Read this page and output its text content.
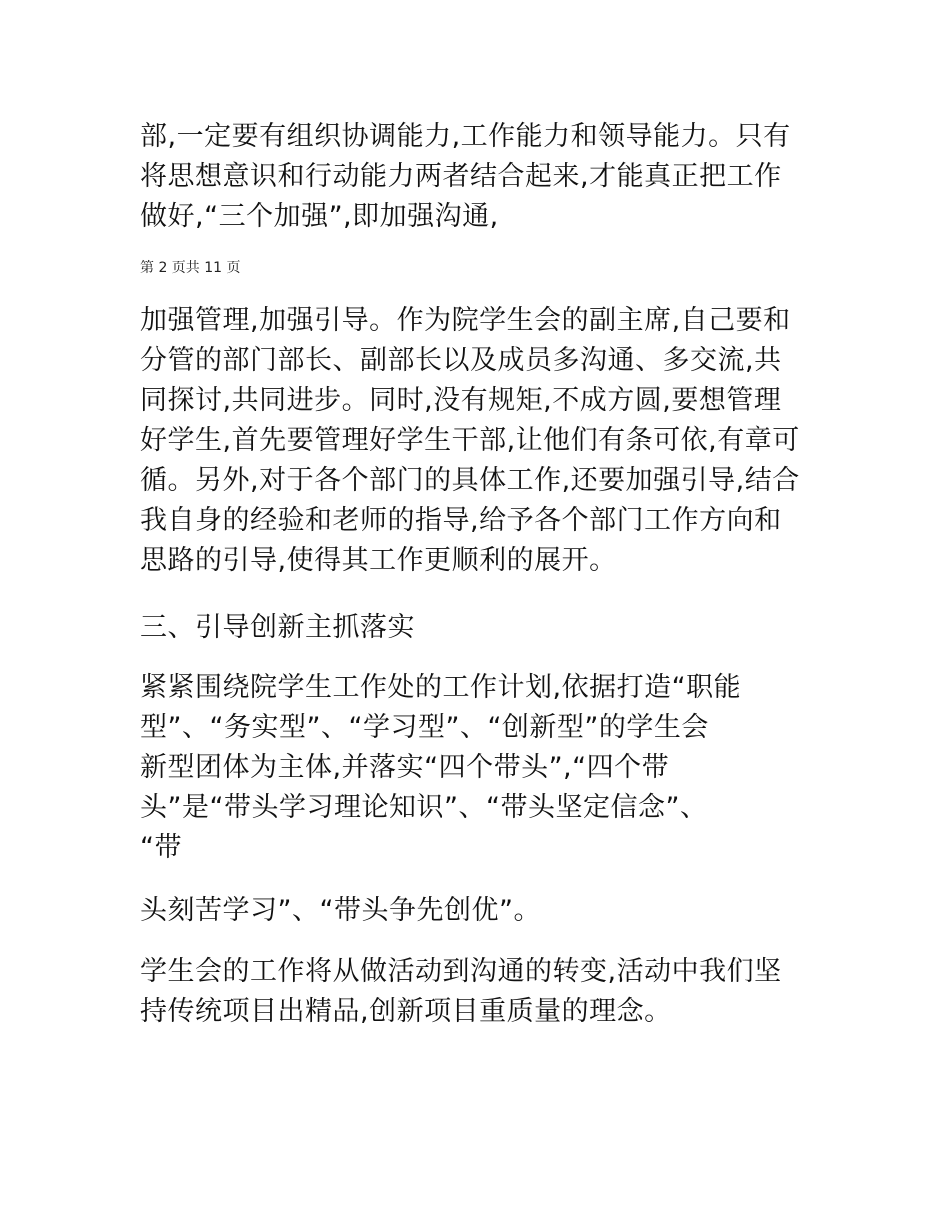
部,一定要有组织协调能力,工作能力和领导能力。只有
将思想意识和行动能力两者结合起来,才能真正把工作
做好,“三个加强”,即加强沟通,
第 2 页共 11 页
加强管理,加强引导。作为院学生会的副主席,自己要和
分管的部门部长、副部长以及成员多沟通、多交流,共
同探讨,共同进步。同时,没有规矩,不成方圆,要想管理
好学生,首先要管理好学生干部,让他们有条可依,有章可
循。另外,对于各个部门的具体工作,还要加强引导,结合
我自身的经验和老师的指导,给予各个部门工作方向和
思路的引导,使得其工作更顺利的展开。
三、引导创新主抓落实
紧紧围绕院学生工作处的工作计划,依据打造“职能
型”、“务实型”、“学习型”、“创新型”的学生会
新型团体为主体,并落实“四个带头”,“四个带
头”是“带头学习理论知识”、“带头坚定信念”、
“带
头刻苦学习”、“带头争先创优”。
学生会的工作将从做活动到沟通的转变,活动中我们坚
持传统项目出精品,创新项目重质量的理念。
